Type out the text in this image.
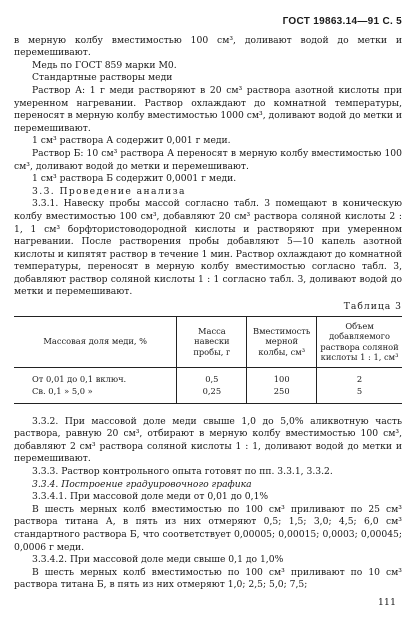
ГОСТ 19863.14—91 С. 5

в мерную колбу вместимостью 100 см³, доливают водой до метки и перемешивают.

Медь по ГОСТ 859 марки М0.

Стандартные растворы меди

Раствор А: 1 г меди растворяют в 20 см³ раствора азотной кислоты при умеренном нагревании. Раствор охлаждают до комнатной температуры, переносят в мерную колбу вместимостью 1000 см³, доливают водой до метки и перемешивают.

1 см³ раствора А содержит 0,001 г меди.

Раствор Б: 10 см³ раствора А переносят в мерную колбу вместимостью 100 см³, доливают водой до метки и перемешивают.

1 см³ раствора Б содержит 0,0001 г меди.

3.3. Проведение анализа

3.3.1. Навеску пробы массой согласно табл. 3 помещают в коническую колбу вместимостью 100 см³, добавляют 20 см³ раствора соляной кислоты 2 : 1, 1 см³ борфтористоводородной кислоты и растворяют при умеренном нагревании. После растворения пробы добавляют 5—10 капель азотной кислоты и кипятят раствор в течение 1 мин. Раствор охлаждают до комнатной температуры, переносят в мерную колбу вместимостью согласно табл. 3, добавляют раствор соляной кислоты 1 : 1 согласно табл. 3, доливают водой до метки и перемешивают.

Таблица 3
Массовая доля меди, %	Масса навески пробы, г	Вместимость мерной колбы, см³	Объем добавляемого раствора соляной кислоты 1 : 1, см³
От 0,01 до 0,1 включ.	0,5	100	2
Св. 0,1 » 5,0 »	0,25	250	5

3.3.2. При массовой доле меди свыше 1,0 до 5,0% аликвотную часть раствора, равную 20 см³, отбирают в мерную колбу вместимостью 100 см³, добавляют 2 см³ раствора соляной кислоты 1 : 1, доливают водой до метки и перемешивают.

3.3.3. Раствор контрольного опыта готовят по пп. 3.3.1, 3.3.2.

3.3.4. Построение градуировочного графика

3.3.4.1. При массовой доле меди от 0,01 до 0,1%

В шесть мерных колб вместимостью по 100 см³ приливают по 25 см³ раствора титана А, в пять из них отмеряют 0,5; 1,5; 3,0; 4,5; 6,0 см³ стандартного раствора Б, что соответствует 0,00005; 0,00015; 0,0003; 0,00045; 0,0006 г меди.

3.3.4.2. При массовой доле меди свыше 0,1 до 1,0%

В шесть мерных колб вместимостью по 100 см³ приливают по 10 см³ раствора титана Б, в пять из них отмеряют 1,0; 2,5; 5,0; 7,5;

111
